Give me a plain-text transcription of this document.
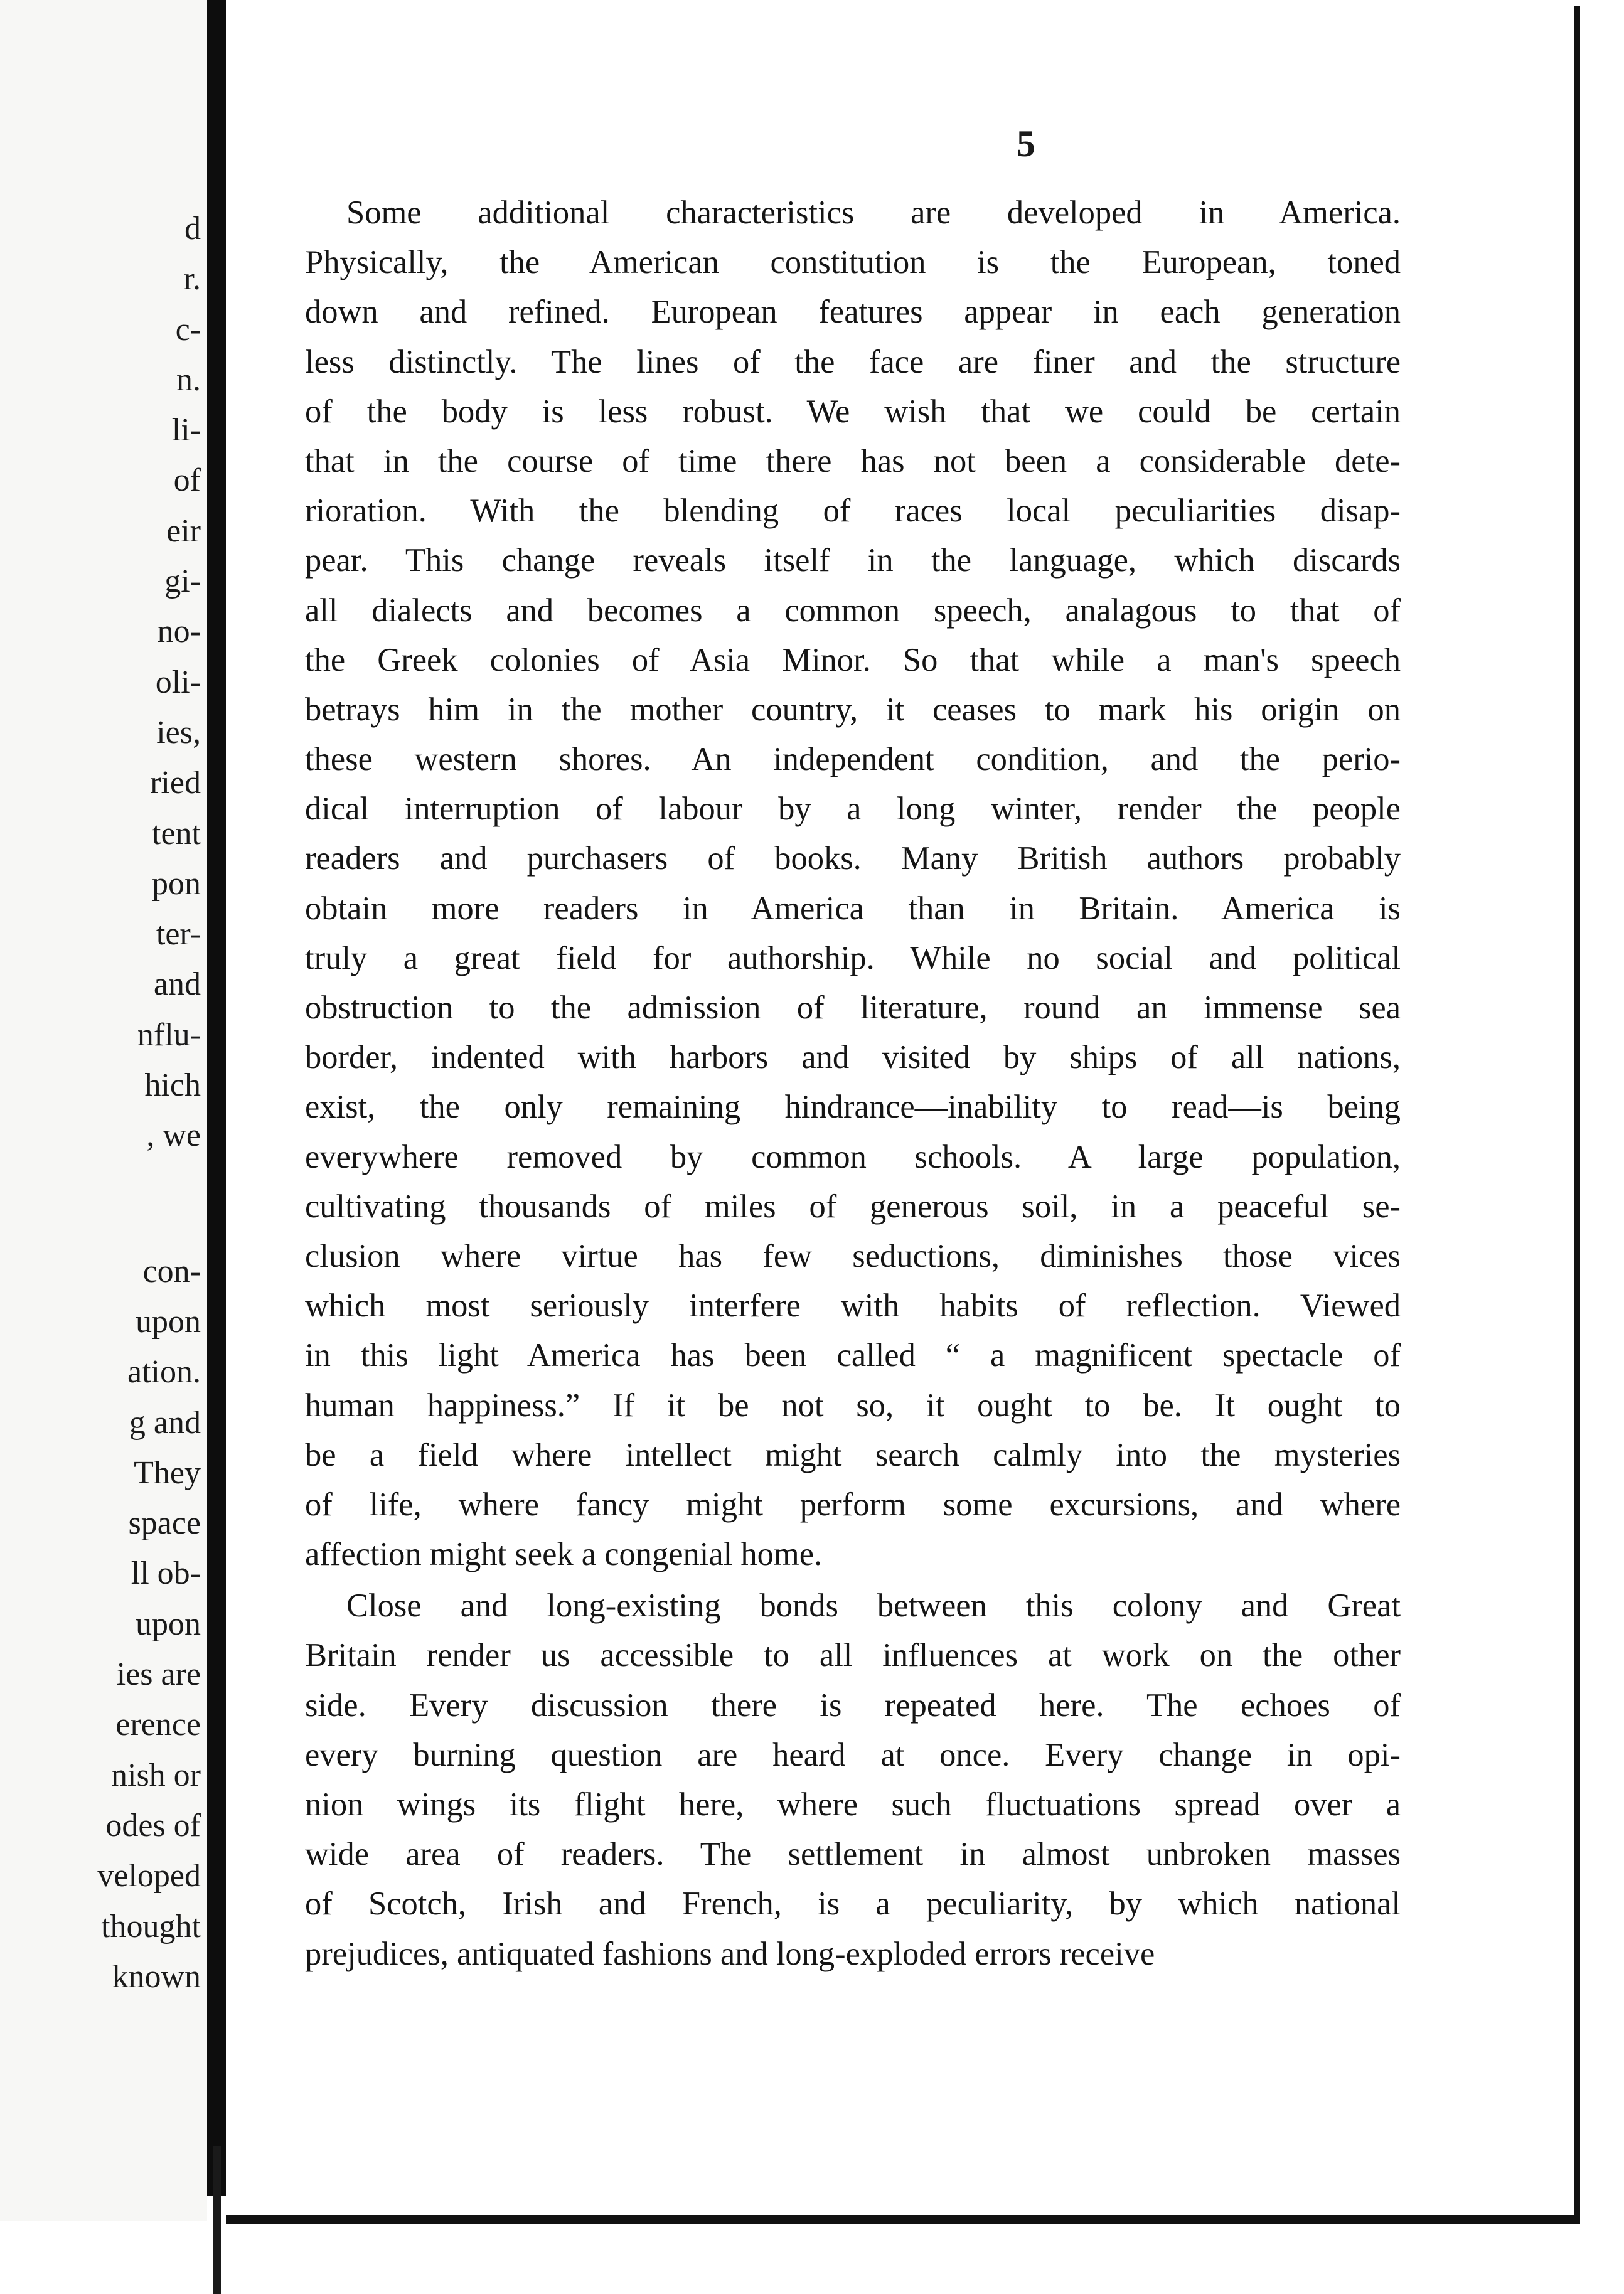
d
r.
c-
n.
li-
of
eir
gi-
no-
oli-
ies,
ried
tent
pon
ter-
and
nflu-
hich
, we
con-
upon
ation.
g and
They
space
ll ob-
upon
ies are
erence
nish or
odes of
veloped
thought
known
5
Some additional characteristics are developed in America.
Physically, the American constitution is the European, toned
down and refined. European features appear in each generation
less distinctly. The lines of the face are finer and the structure
of the body is less robust. We wish that we could be certain
that in the course of time there has not been a considerable dete-
rioration. With the blending of races local peculiarities disap-
pear. This change reveals itself in the language, which discards
all dialects and becomes a common speech, analagous to that of
the Greek colonies of Asia Minor. So that while a man's speech
betrays him in the mother country, it ceases to mark his origin on
these western shores. An independent condition, and the perio-
dical interruption of labour by a long winter, render the people
readers and purchasers of books. Many British authors probably
obtain more readers in America than in Britain. America is
truly a great field for authorship. While no social and political
obstruction to the admission of literature, round an immense sea
border, indented with harbors and visited by ships of all nations,
exist, the only remaining hindrance—inability to read—is being
everywhere removed by common schools. A large population,
cultivating thousands of miles of generous soil, in a peaceful se-
clusion where virtue has few seductions, diminishes those vices
which most seriously interfere with habits of reflection. Viewed
in this light America has been called “ a magnificent spectacle of
human happiness.” If it be not so, it ought to be. It ought to
be a field where intellect might search calmly into the mysteries
of life, where fancy might perform some excursions, and where
affection might seek a congenial home.
Close and long-existing bonds between this colony and Great
Britain render us accessible to all influences at work on the other
side. Every discussion there is repeated here. The echoes of
every burning question are heard at once. Every change in opi-
nion wings its flight here, where such fluctuations spread over a
wide area of readers. The settlement in almost unbroken masses
of Scotch, Irish and French, is a peculiarity, by which national
prejudices, antiquated fashions and long-exploded errors receive
